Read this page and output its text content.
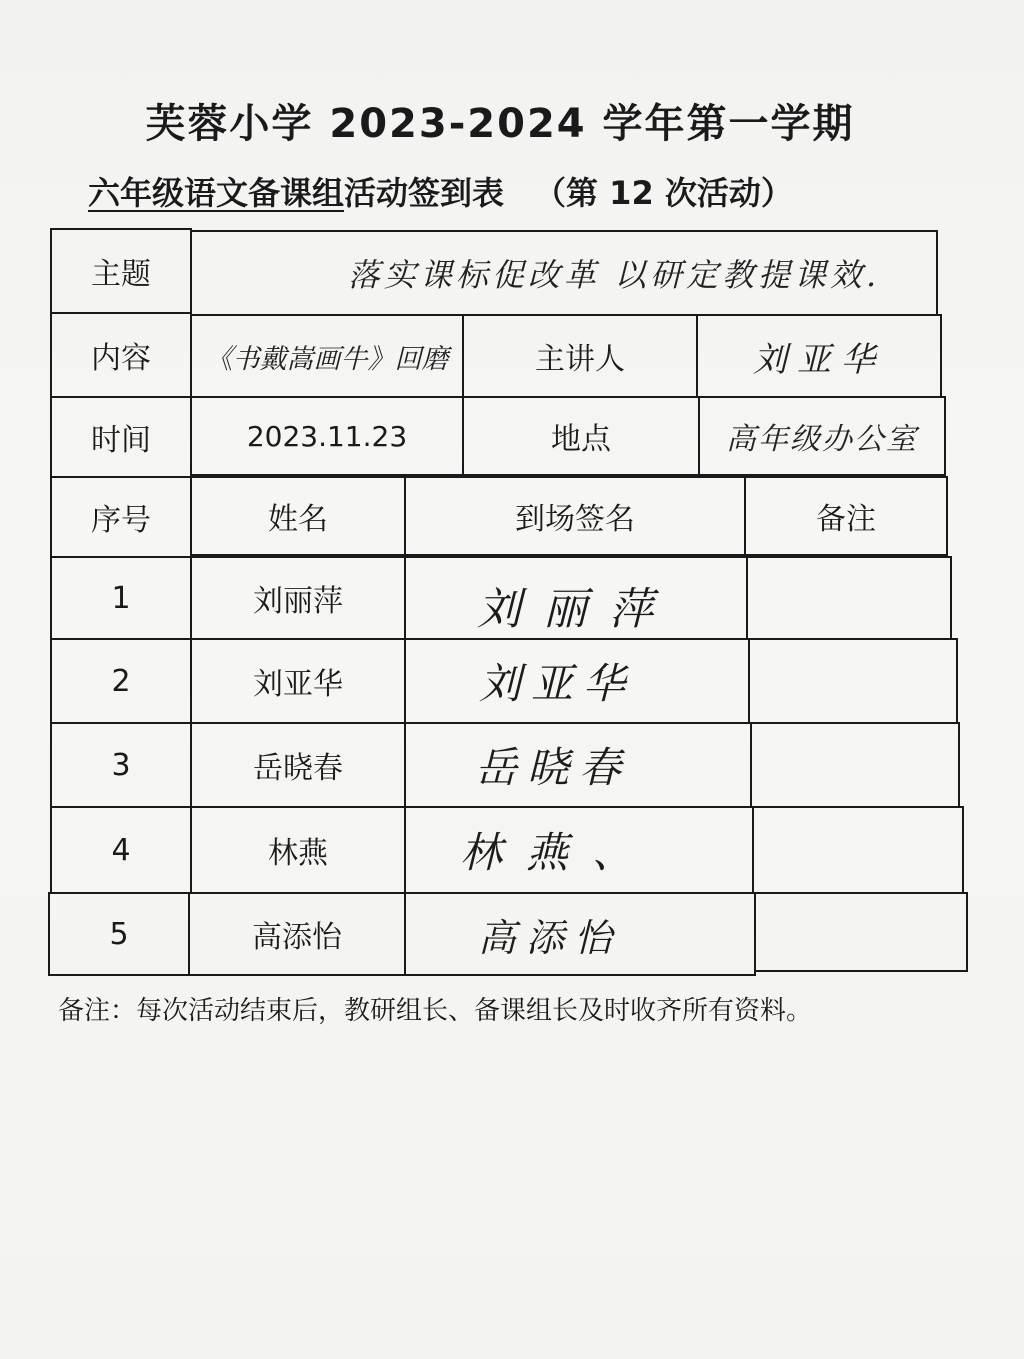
芙蓉小学 2023-2024 学年第一学期
六年级语文备课组活动签到表 （第 12 次活动）
主题	落实课标促改革 以研定教提课效.
内容 《书戴嵩画牛》回磨	主讲人	刘亚华
时间	2023.11.23	地点	高年级办公室
序号	姓名	到场签名	备注
1	刘丽萍	刘丽萍
2	刘亚华	刘亚华
3	岳晓春	岳晓春
4	林燕	林燕、
5	高添怡	高添怡
备注：每次活动结束后，教研组长、备课组长及时收齐所有资料。
